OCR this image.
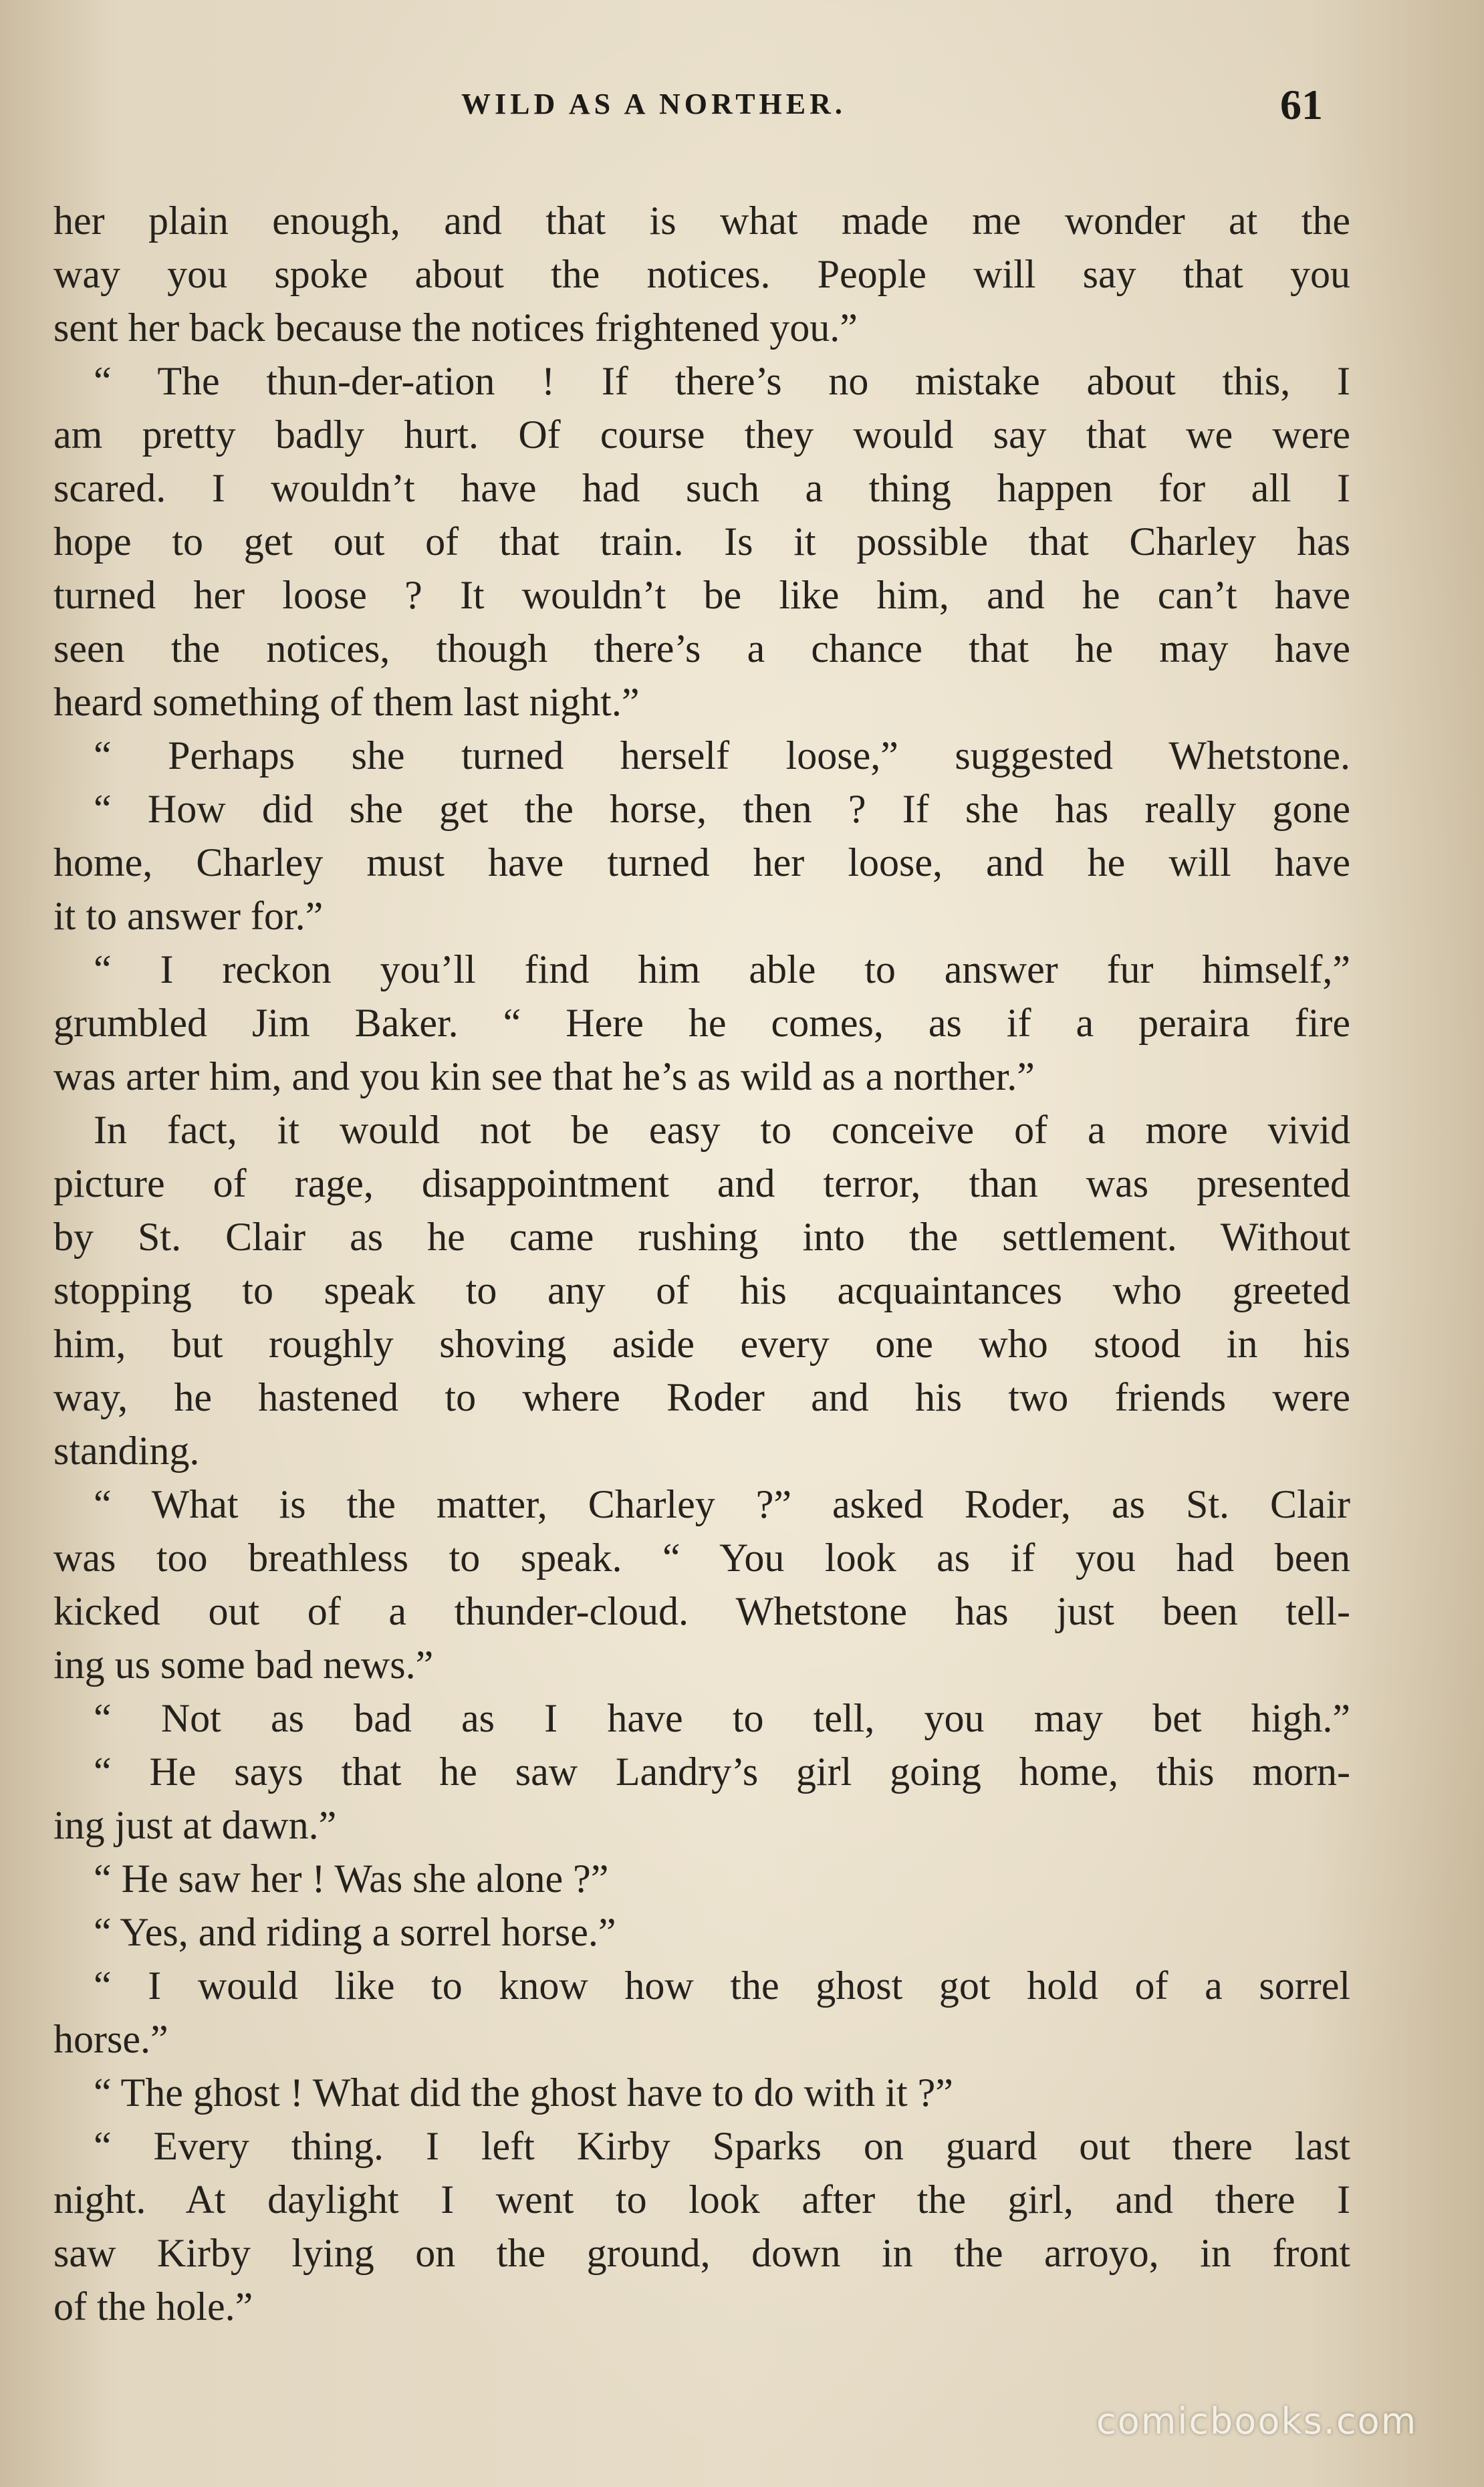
WILD AS A NORTHER.	61
her plain enough, and that is what made me wonder at the
way you spoke about the notices. People will say that you
sent her back because the notices frightened you.”
“ The thun-der-ation ! If there’s no mistake about this, I
am pretty badly hurt. Of course they would say that we were
scared. I wouldn’t have had such a thing happen for all I
hope to get out of that train. Is it possible that Charley has
turned her loose ? It wouldn’t be like him, and he can’t have
seen the notices, though there’s a chance that he may have
heard something of them last night.”
“ Perhaps she turned herself loose,” suggested Whetstone.
“ How did she get the horse, then ? If she has really gone
home, Charley must have turned her loose, and he will have
it to answer for.”
“ I reckon you’ll find him able to answer fur himself,”
grumbled Jim Baker. “ Here he comes, as if a peraira fire
was arter him, and you kin see that he’s as wild as a norther.”
In fact, it would not be easy to conceive of a more vivid
picture of rage, disappointment and terror, than was presented
by St. Clair as he came rushing into the settlement. Without
stopping to speak to any of his acquaintances who greeted
him, but roughly shoving aside every one who stood in his
way, he hastened to where Roder and his two friends were
standing.
“ What is the matter, Charley ?” asked Roder, as St. Clair
was too breathless to speak. “ You look as if you had been
kicked out of a thunder-cloud. Whetstone has just been tell-
ing us some bad news.”
“ Not as bad as I have to tell, you may bet high.”
“ He says that he saw Landry’s girl going home, this morn-
ing just at dawn.”
“ He saw her ! Was she alone ?”
“ Yes, and riding a sorrel horse.”
“ I would like to know how the ghost got hold of a sorrel
horse.”
“ The ghost ! What did the ghost have to do with it ?”
“ Every thing. I left Kirby Sparks on guard out there last
night. At daylight I went to look after the girl, and there I
saw Kirby lying on the ground, down in the arroyo, in front
of the hole.”
comicbooks.com
